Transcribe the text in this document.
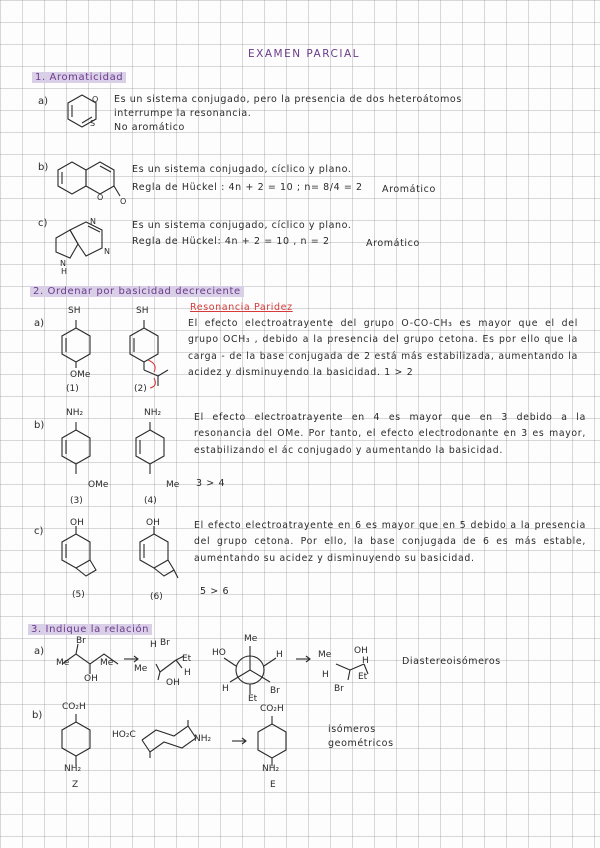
EXAMEN PARCIAL
1. Aromaticidad
a)	O
S
Es un sistema conjugado, pero la presencia de dos heteroátomos
interrumpe la resonancia.
No aromático
b)
O O
Es un sistema conjugado, cíclico y plano.
Regla de Hückel : 4n + 2 = 10 ; n= 8/4 = 2 Aromático
c)	N
N
N
H
Es un sistema conjugado, cíclico y plano.
Regla de Hückel: 4n + 2 = 10 , n = 2	Aromático
2. Ordenar por basicidad decreciente
Resonancia Paridez
a)
SH
OMe
(1)
SH
(2)
El efecto electroatrayente del grupo O-CO-CH₃ es mayor que el del grupo OCH₃ , debido a la presencia del grupo cetona. Es por ello que la carga - de la base conjugada de 2 está más estabilizada, aumentando la acidez y disminuyendo la basicidad. 1 > 2
b)
NH₂
OMe
(3)
NH₂
Me
(4)
El efecto electroatrayente en 4 es mayor que en 3 debido a la resonancia del OMe. Por tanto, el efecto electrodonante en 3 es mayor, estabilizando el ác conjugado y aumentando la basicidad.
3 > 4
c)
OH
(5)
OH
(6)
El efecto electroatrayente en 6 es mayor que en 5 debido a la presencia del grupo cetona. Por ello, la base conjugada de 6 es más estable, aumentando su acidez y disminuyendo su basicidad.
5 > 6
3. Indique la relación
a)
Br
Me	Me
OH
H Br
Me
Et
H
OH
Me
HO	H
H	Br
Et
Me	OH
H
H	Et
Br
Diastereoisómeros
b)
CO₂H
NH₂
Z
HO₂C	NH₂
CO₂H
NH₂
E
isómeros
geométricos
